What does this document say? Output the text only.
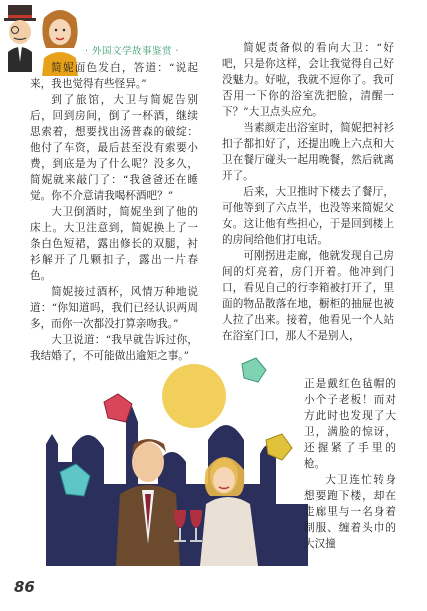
· 外国文学故事鉴赏 ·

简妮面色发白，答道：“说起来，我也觉得有些怪异。”

到了旅馆，大卫与简妮告别后，回到房间，倒了一杯酒，继续思索着，想要找出汤普森的破绽：他付了车资，最后甚至没有索要小费，到底是为了什么呢？没多久，简妮就来敲门了：“我爸爸还在睡觉。你不介意请我喝杯酒吧？”

大卫倒酒时，简妮坐到了他的床上。大卫注意到，简妮换上了一条白色短裙，露出修长的双腿，衬衫解开了几颗扣子，露出一片春色。

简妮接过酒杯，风情万种地说道：“你知道吗，我们已经认识两周多，而你一次都没打算亲吻我。”

大卫说道：“我早就告诉过你，我结婚了，不可能做出逾矩之事。”

简妮责备似的看向大卫：“好吧，只是你这样，会让我觉得自己好没魅力。好啦，我就不逗你了。我可否用一下你的浴室洗把脸，清醒一下？”大卫点头应允。

当素颜走出浴室时，简妮把衬衫扣子都扣好了，还提出晚上六点和大卫在餐厅碰头一起用晚餐，然后就离开了。

后来，大卫推时下楼去了餐厅，可他等到了六点半，也没等来简妮父女。这让他有些担心，于是回到楼上的房间给他们打电话。

可刚拐进走廊，他就发现自己房间的灯亮着，房门开着。他冲到门口，看见自己的行李箱被打开了，里面的物品散落在地，橱柜的抽屉也被人拉了出来。接着，他看见一个人站在浴室门口，那人不是别人，

正是戴红色毡帽的小个子老板！而对方此时也发现了大卫，满脸的惊讶，还握紧了手里的枪。

大卫连忙转身想要跑下楼，却在走廊里与一名身着制服、缠着头巾的大汉撞

86
